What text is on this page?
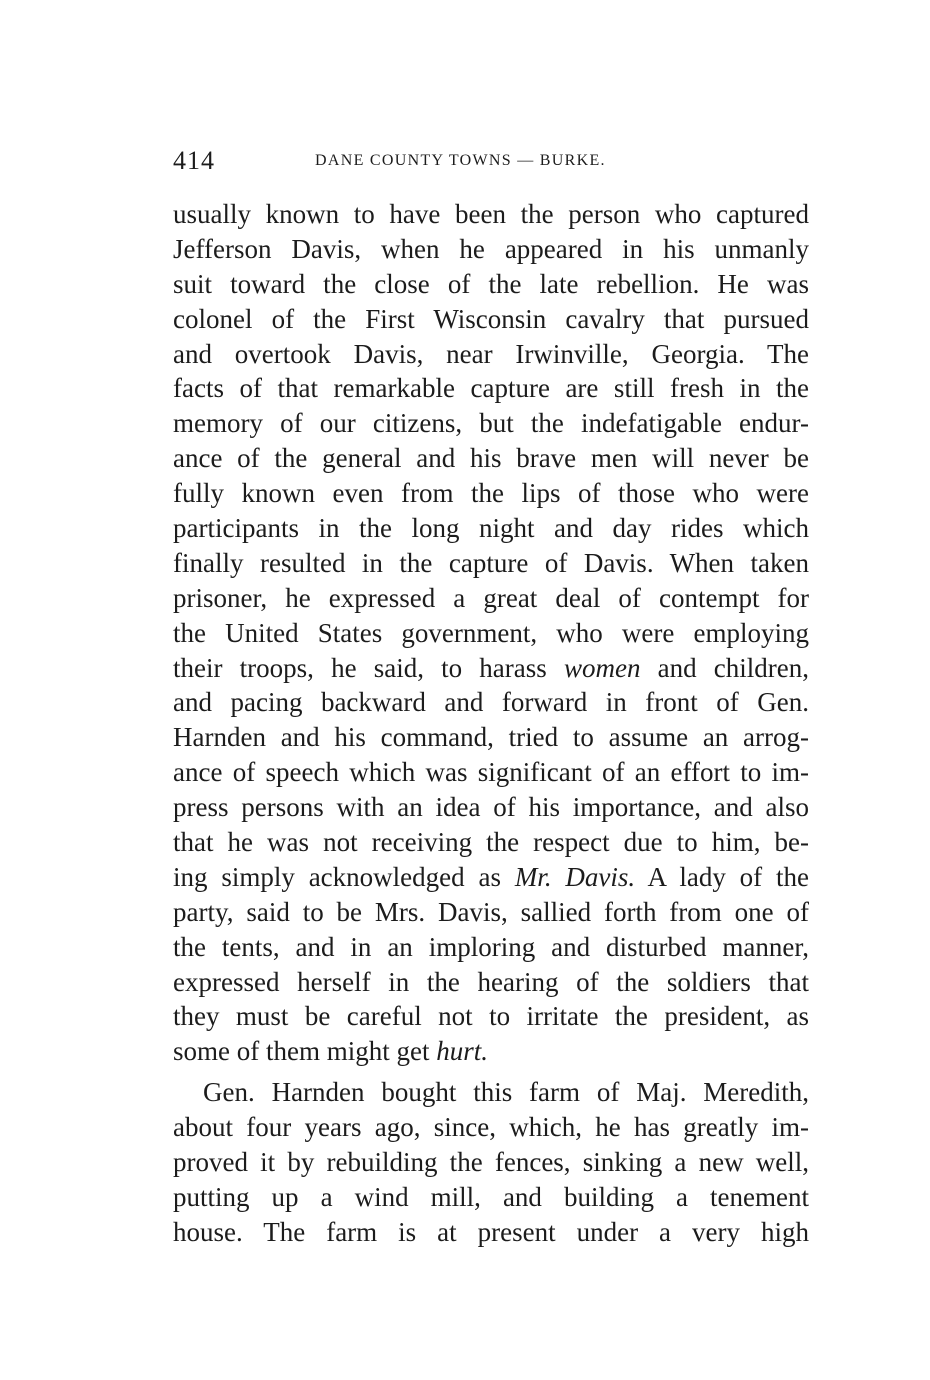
414	DANE COUNTY TOWNS — BURKE.
usually known to have been the person who captured
Jefferson Davis, when he appeared in his unmanly
suit toward the close of the late rebellion. He was
colonel of the First Wisconsin cavalry that pursued
and overtook Davis, near Irwinville, Georgia. The
facts of that remarkable capture are still fresh in the
memory of our citizens, but the indefatigable endur-
ance of the general and his brave men will never be
fully known even from the lips of those who were
participants in the long night and day rides which
finally resulted in the capture of Davis. When taken
prisoner, he expressed a great deal of contempt for
the United States government, who were employing
their troops, he said, to harass women and children,
and pacing backward and forward in front of Gen.
Harnden and his command, tried to assume an arrog-
ance of speech which was significant of an effort to im-
press persons with an idea of his importance, and also
that he was not receiving the respect due to him, be-
ing simply acknowledged as Mr. Davis. A lady of the
party, said to be Mrs. Davis, sallied forth from one of
the tents, and in an imploring and disturbed manner,
expressed herself in the hearing of the soldiers that
they must be careful not to irritate the president, as
some of them might get hurt.
Gen. Harnden bought this farm of Maj. Meredith,
about four years ago, since, which, he has greatly im-
proved it by rebuilding the fences, sinking a new well,
putting up a wind mill, and building a tenement
house. The farm is at present under a very high
